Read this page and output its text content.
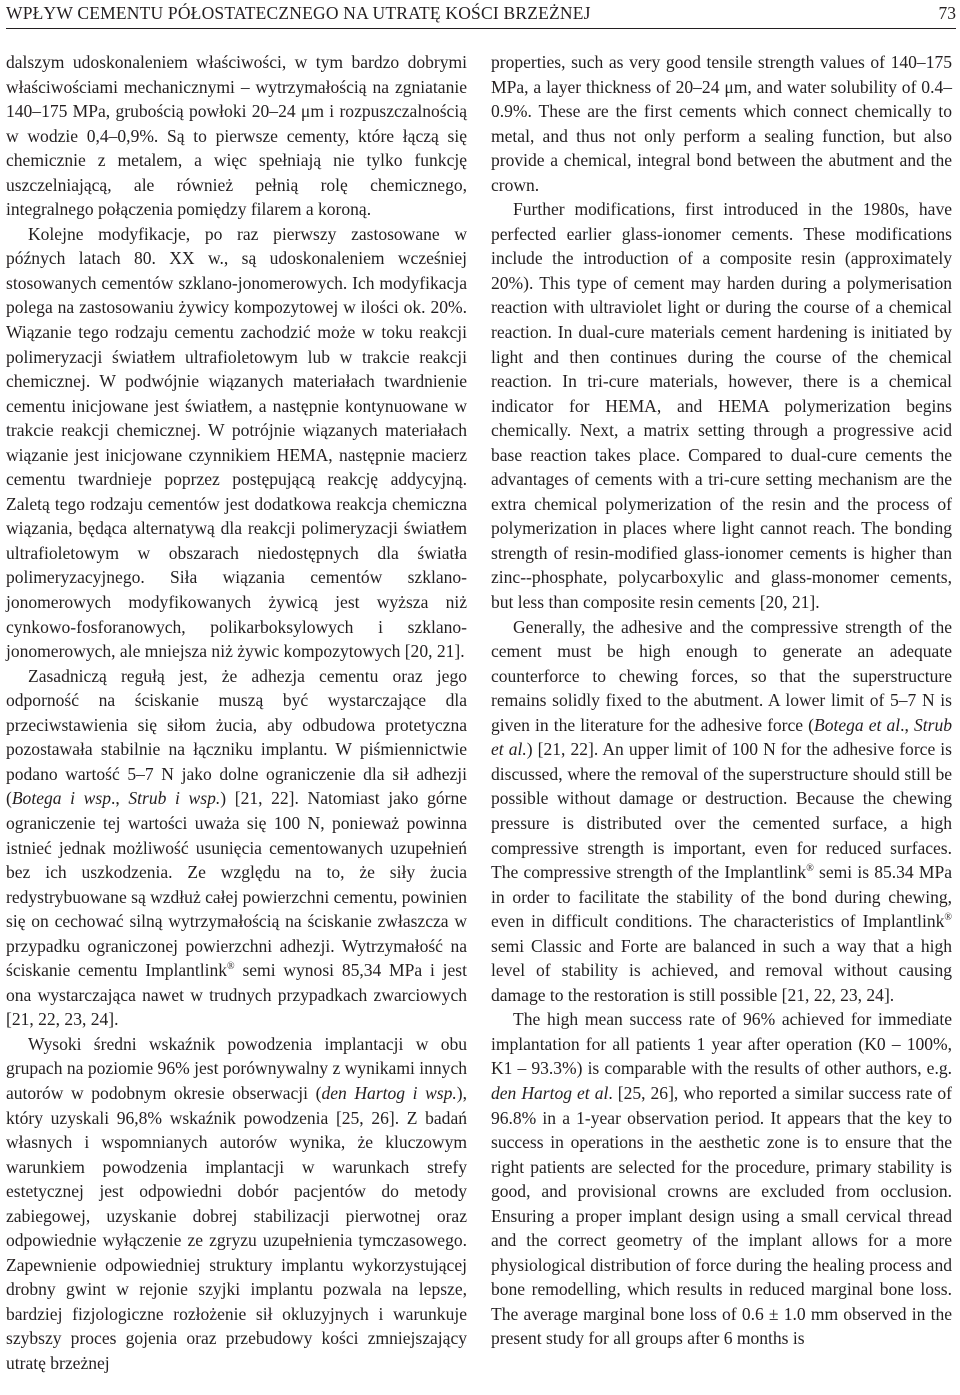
WPŁYW CEMENTU PÓŁOSTATECZNEGO NA UTRATĘ KOŚCI BRZEŻNEJ	73

dalszym udoskonaleniem właściwości, w tym bardzo dobrymi właściwościami mechanicznymi – wytrzymałością na zgniatanie 140–175 MPa, grubością powłoki 20–24 μm i rozpuszczalnością w wodzie 0,4–0,9%. Są to pierwsze cementy, które łączą się chemicznie z metalem, a więc spełniają nie tylko funkcję uszczelniającą, ale również pełnią rolę chemicznego, integralnego połączenia pomiędzy filarem a koroną.

Kolejne modyfikacje, po raz pierwszy zastosowane w późnych latach 80. XX w., są udoskonaleniem wcześniej stosowanych cementów szklano-jonomerowych. Ich modyfikacja polega na zastosowaniu żywicy kompozytowej w ilości ok. 20%. Wiązanie tego rodzaju cementu zachodzić może w toku reakcji polimeryzacji światłem ultrafioletowym lub w trakcie reakcji chemicznej. W podwójnie wiązanych materiałach twardnienie cementu inicjowane jest światłem, a następnie kontynuowane w trakcie reakcji chemicznej. W potrójnie wiązanych materiałach wiązanie jest inicjowane czynnikiem HEMA, następnie macierz cementu twardnieje poprzez postępującą reakcję addycyjną. Zaletą tego rodzaju cementów jest dodatkowa reakcja chemiczna wiązania, będąca alternatywą dla reakcji polimeryzacji światłem ultrafioletowym w obszarach niedostępnych dla światła polimeryzacyjnego. Siła wiązania cementów szklano-jonomerowych modyfikowanych żywicą jest wyższa niż cynkowo-fosforanowych, polikarboksylowych i szklano-jonomerowych, ale mniejsza niż żywic kompozytowych [20, 21].

Zasadniczą regułą jest, że adhezja cementu oraz jego odporność na ściskanie muszą być wystarczające dla przeciwstawienia się siłom żucia, aby odbudowa protetyczna pozostawała stabilnie na łączniku implantu. W piśmiennictwie podano wartość 5–7 N jako dolne ograniczenie dla sił adhezji (Botega i wsp., Strub i wsp.) [21, 22]. Natomiast jako górne ograniczenie tej wartości uważa się 100 N, ponieważ powinna istnieć jednak możliwość usunięcia cementowanych uzupełnień bez ich uszkodzenia. Ze względu na to, że siły żucia redystrybuowane są wzdłuż całej powierzchni cementu, powinien się on cechować silną wytrzymałością na ściskanie zwłaszcza w przypadku ograniczonej powierzchni adhezji. Wytrzymałość na ściskanie cementu Implantlink® semi wynosi 85,34 MPa i jest ona wystarczająca nawet w trudnych przypadkach zwarciowych [21, 22, 23, 24].

Wysoki średni wskaźnik powodzenia implantacji w obu grupach na poziomie 96% jest porównywalny z wynikami innych autorów w podobnym okresie obserwacji (den Hartog i wsp.), który uzyskali 96,8% wskaźnik powodzenia [25, 26]. Z badań własnych i wspomnianych autorów wynika, że kluczowym warunkiem powodzenia implantacji w warunkach strefy estetycznej jest odpowiedni dobór pacjentów do metody zabiegowej, uzyskanie dobrej stabilizacji pierwotnej oraz odpowiednie wyłączenie ze zgryzu uzupełnienia tymczasowego. Zapewnienie odpowiedniej struktury implantu wykorzystującej drobny gwint w rejonie szyjki implantu pozwala na lepsze, bardziej fizjologiczne rozłożenie sił okluzyjnych i warunkuje szybszy proces gojenia oraz przebudowy kości zmniejszający utratę brzeżnej

properties, such as very good tensile strength values of 140–175 MPa, a layer thickness of 20–24 μm, and water solubility of 0.4–0.9%. These are the first cements which connect chemically to metal, and thus not only perform a sealing function, but also provide a chemical, integral bond between the abutment and the crown.

Further modifications, first introduced in the 1980s, have perfected earlier glass-ionomer cements. These modifications include the introduction of a composite resin (approximately 20%). This type of cement may harden during a polymerisation reaction with ultraviolet light or during the course of a chemical reaction. In dual-cure materials cement hardening is initiated by light and then continues during the course of the chemical reaction. In tri-cure materials, however, there is a chemical indicator for HEMA, and HEMA polymerization begins chemically. Next, a matrix setting through a progressive acid base reaction takes place. Compared to dual-cure cements the advantages of cements with a tri-cure setting mechanism are the extra chemical polymerization of the resin and the process of polymerization in places where light cannot reach. The bonding strength of resin-modified glass-ionomer cements is higher than zinc--phosphate, polycarboxylic and glass-monomer cements, but less than composite resin cements [20, 21].

Generally, the adhesive and the compressive strength of the cement must be high enough to generate an adequate counterforce to chewing forces, so that the superstructure remains solidly fixed to the abutment. A lower limit of 5–7 N is given in the literature for the adhesive force (Botega et al., Strub et al.) [21, 22]. An upper limit of 100 N for the adhesive force is discussed, where the removal of the superstructure should still be possible without damage or destruction. Because the chewing pressure is distributed over the cemented surface, a high compressive strength is important, even for reduced surfaces. The compressive strength of the Implantlink® semi is 85.34 MPa in order to facilitate the stability of the bond during chewing, even in difficult conditions. The characteristics of Implantlink® semi Classic and Forte are balanced in such a way that a high level of stability is achieved, and removal without causing damage to the restoration is still possible [21, 22, 23, 24].

The high mean success rate of 96% achieved for immediate implantation for all patients 1 year after operation (K0 – 100%, K1 – 93.3%) is comparable with the results of other authors, e.g. den Hartog et al. [25, 26], who reported a similar success rate of 96.8% in a 1-year observation period. It appears that the key to success in operations in the aesthetic zone is to ensure that the right patients are selected for the procedure, primary stability is good, and provisional crowns are excluded from occlusion. Ensuring a proper implant design using a small cervical thread and the correct geometry of the implant allows for a more physiological distribution of force during the healing process and bone remodelling, which results in reduced marginal bone loss. The average marginal bone loss of 0.6 ± 1.0 mm observed in the present study for all groups after 6 months is
